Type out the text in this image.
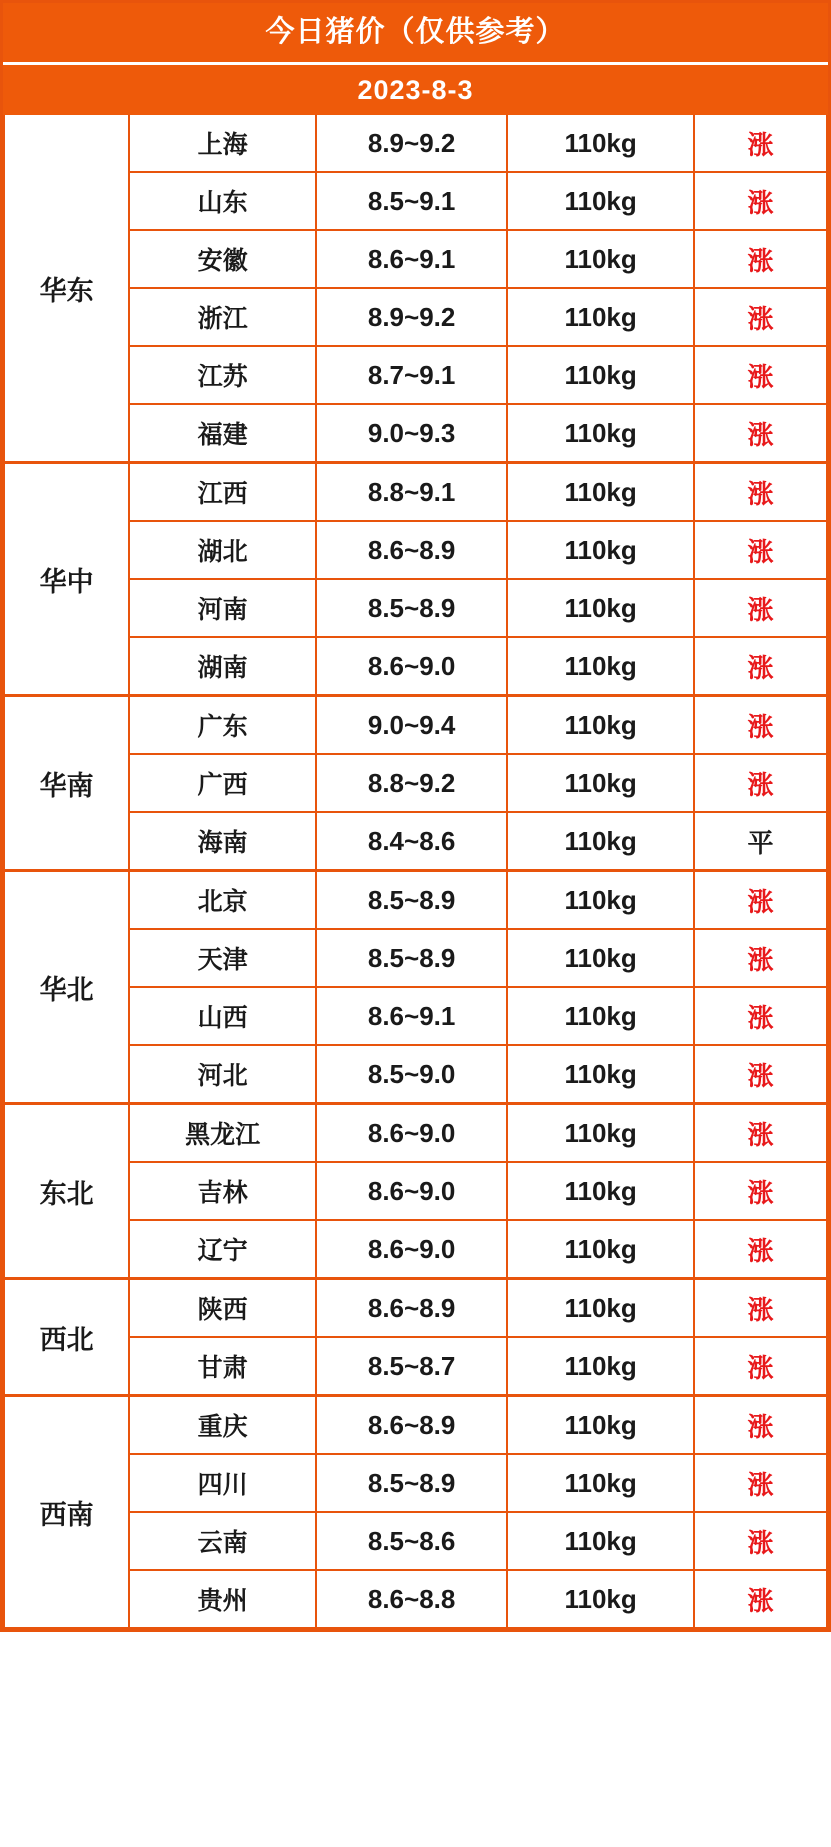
今日猪价（仅供参考）
2023-8-3
华东	上海	8.9~9.2	110kg	涨
	山东	8.5~9.1	110kg	涨
	安徽	8.6~9.1	110kg	涨
	浙江	8.9~9.2	110kg	涨
	江苏	8.7~9.1	110kg	涨
	福建	9.0~9.3	110kg	涨
华中	江西	8.8~9.1	110kg	涨
	湖北	8.6~8.9	110kg	涨
	河南	8.5~8.9	110kg	涨
	湖南	8.6~9.0	110kg	涨
华南	广东	9.0~9.4	110kg	涨
	广西	8.8~9.2	110kg	涨
	海南	8.4~8.6	110kg	平
华北	北京	8.5~8.9	110kg	涨
	天津	8.5~8.9	110kg	涨
	山西	8.6~9.1	110kg	涨
	河北	8.5~9.0	110kg	涨
东北	黑龙江	8.6~9.0	110kg	涨
	吉林	8.6~9.0	110kg	涨
	辽宁	8.6~9.0	110kg	涨
西北	陕西	8.6~8.9	110kg	涨
	甘肃	8.5~8.7	110kg	涨
西南	重庆	8.6~8.9	110kg	涨
	四川	8.5~8.9	110kg	涨
	云南	8.5~8.6	110kg	涨
	贵州	8.6~8.8	110kg	涨
